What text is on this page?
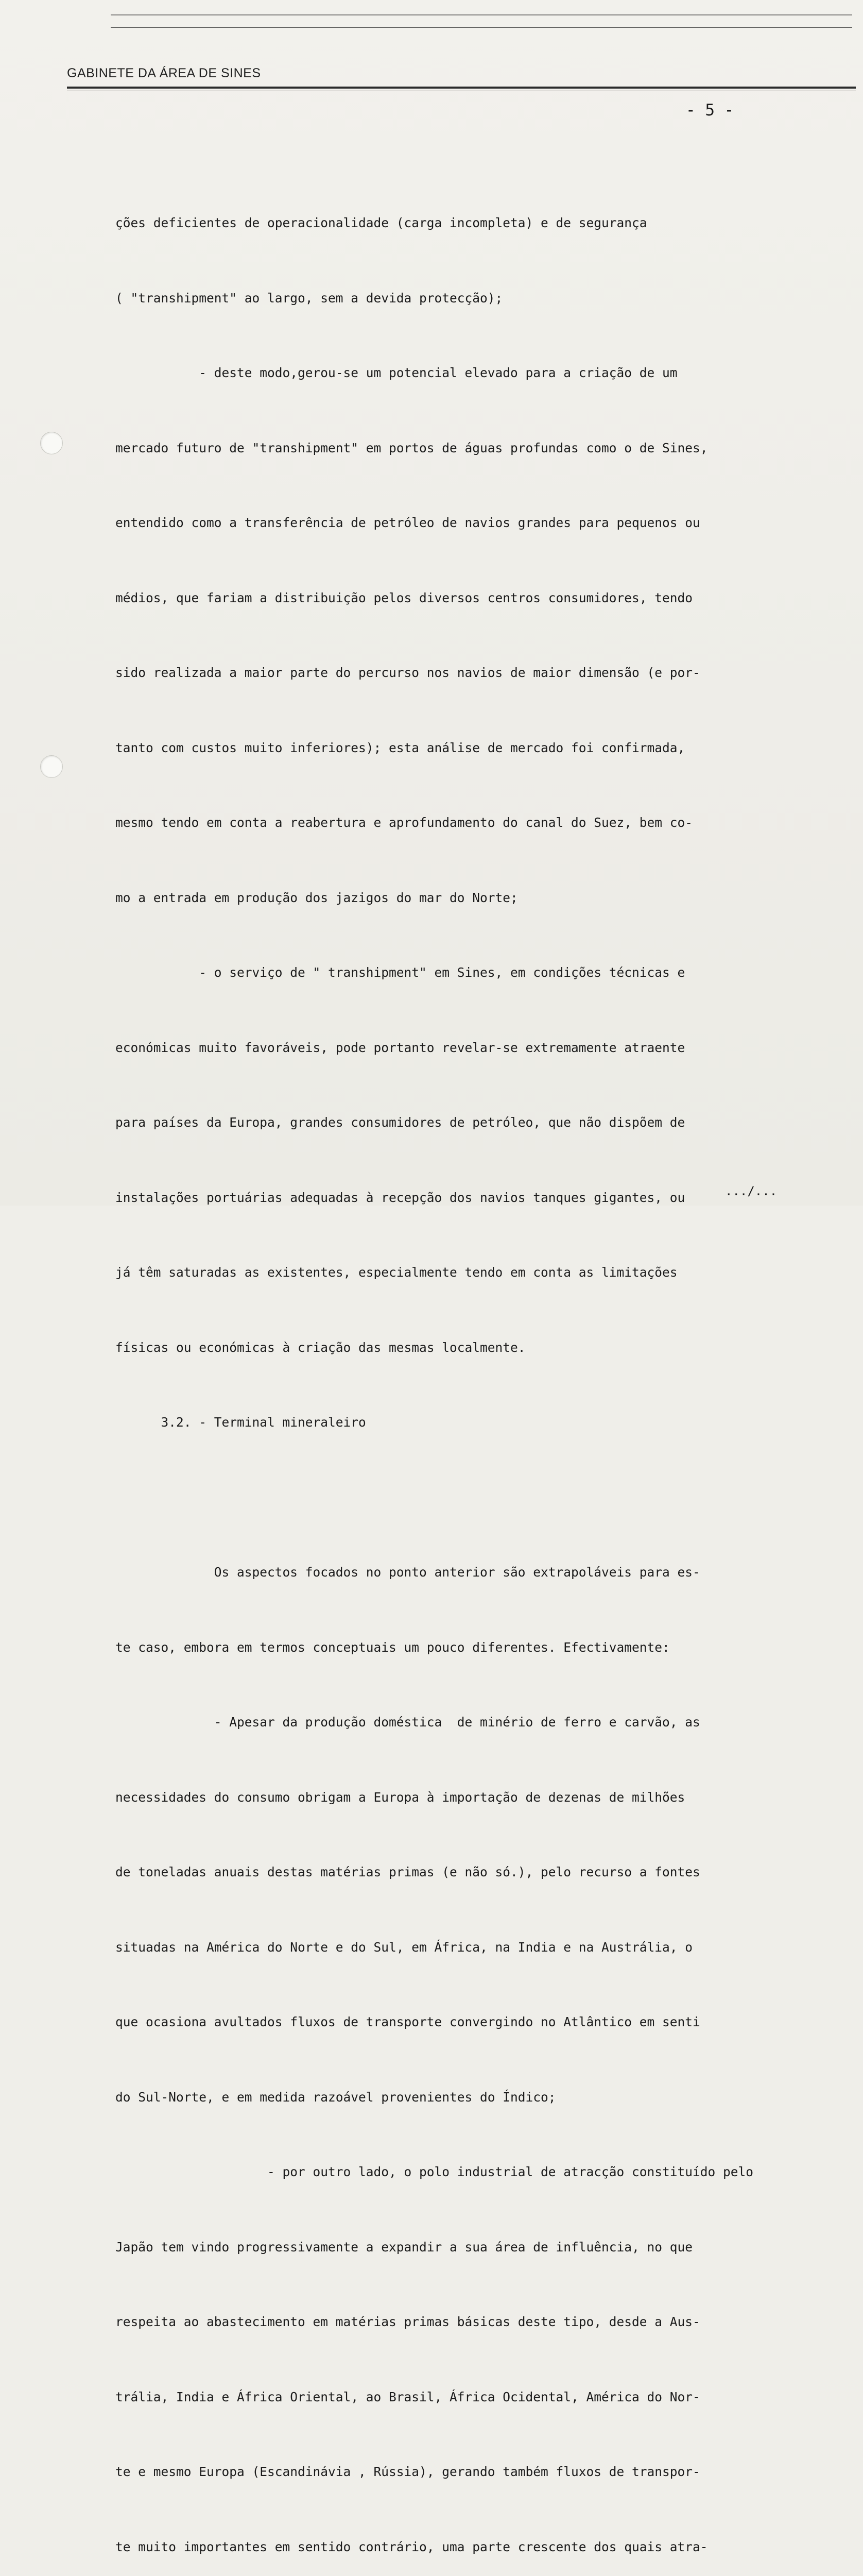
GABINETE DA ÁREA DE SINES
- 5 -

ções deficientes de operacionalidade (carga incompleta) e de segurança

( "transhipment" ao largo, sem a devida protecção);

- deste modo,gerou-se um potencial elevado para a criação de um

mercado futuro de "transhipment" em portos de águas profundas como o de Sines,

entendido como a transferência de petróleo de navios grandes para pequenos ou

médios, que fariam a distribuição pelos diversos centros consumidores, tendo

sido realizada a maior parte do percurso nos navios de maior dimensão (e por-

tanto com custos muito inferiores); esta análise de mercado foi confirmada,

mesmo tendo em conta a reabertura e aprofundamento do canal do Suez, bem co-

mo a entrada em produção dos jazigos do mar do Norte;

- o serviço de " transhipment" em Sines, em condições técnicas e

económicas muito favoráveis, pode portanto revelar-se extremamente atraente

para países da Europa, grandes consumidores de petróleo, que não dispõem de

instalações portuárias adequadas à recepção dos navios tanques gigantes, ou

já têm saturadas as existentes, especialmente tendo em conta as limitações

físicas ou económicas à criação das mesmas localmente.

3.2. - Terminal mineraleiro

Os aspectos focados no ponto anterior são extrapoláveis para es-

te caso, embora em termos conceptuais um pouco diferentes. Efectivamente:

- Apesar da produção doméstica  de minério de ferro e carvão, as

necessidades do consumo obrigam a Europa à importação de dezenas de milhões

de toneladas anuais destas matérias primas (e não só.), pelo recurso a fontes

situadas na América do Norte e do Sul, em África, na India e na Austrália, o

que ocasiona avultados fluxos de transporte convergindo no Atlântico em senti

do Sul-Norte, e em medida razoável provenientes do Índico;

- por outro lado, o polo industrial de atracção constituído pelo

Japão tem vindo progressivamente a expandir a sua área de influência, no que

respeita ao abastecimento em matérias primas básicas deste tipo, desde a Aus-

trália, India e África Oriental, ao Brasil, África Ocidental, América do Nor-

te e mesmo Europa (Escandinávia , Rússia), gerando também fluxos de transpor-

te muito importantes em sentido contrário, uma parte crescente dos quais atra-

.../...
